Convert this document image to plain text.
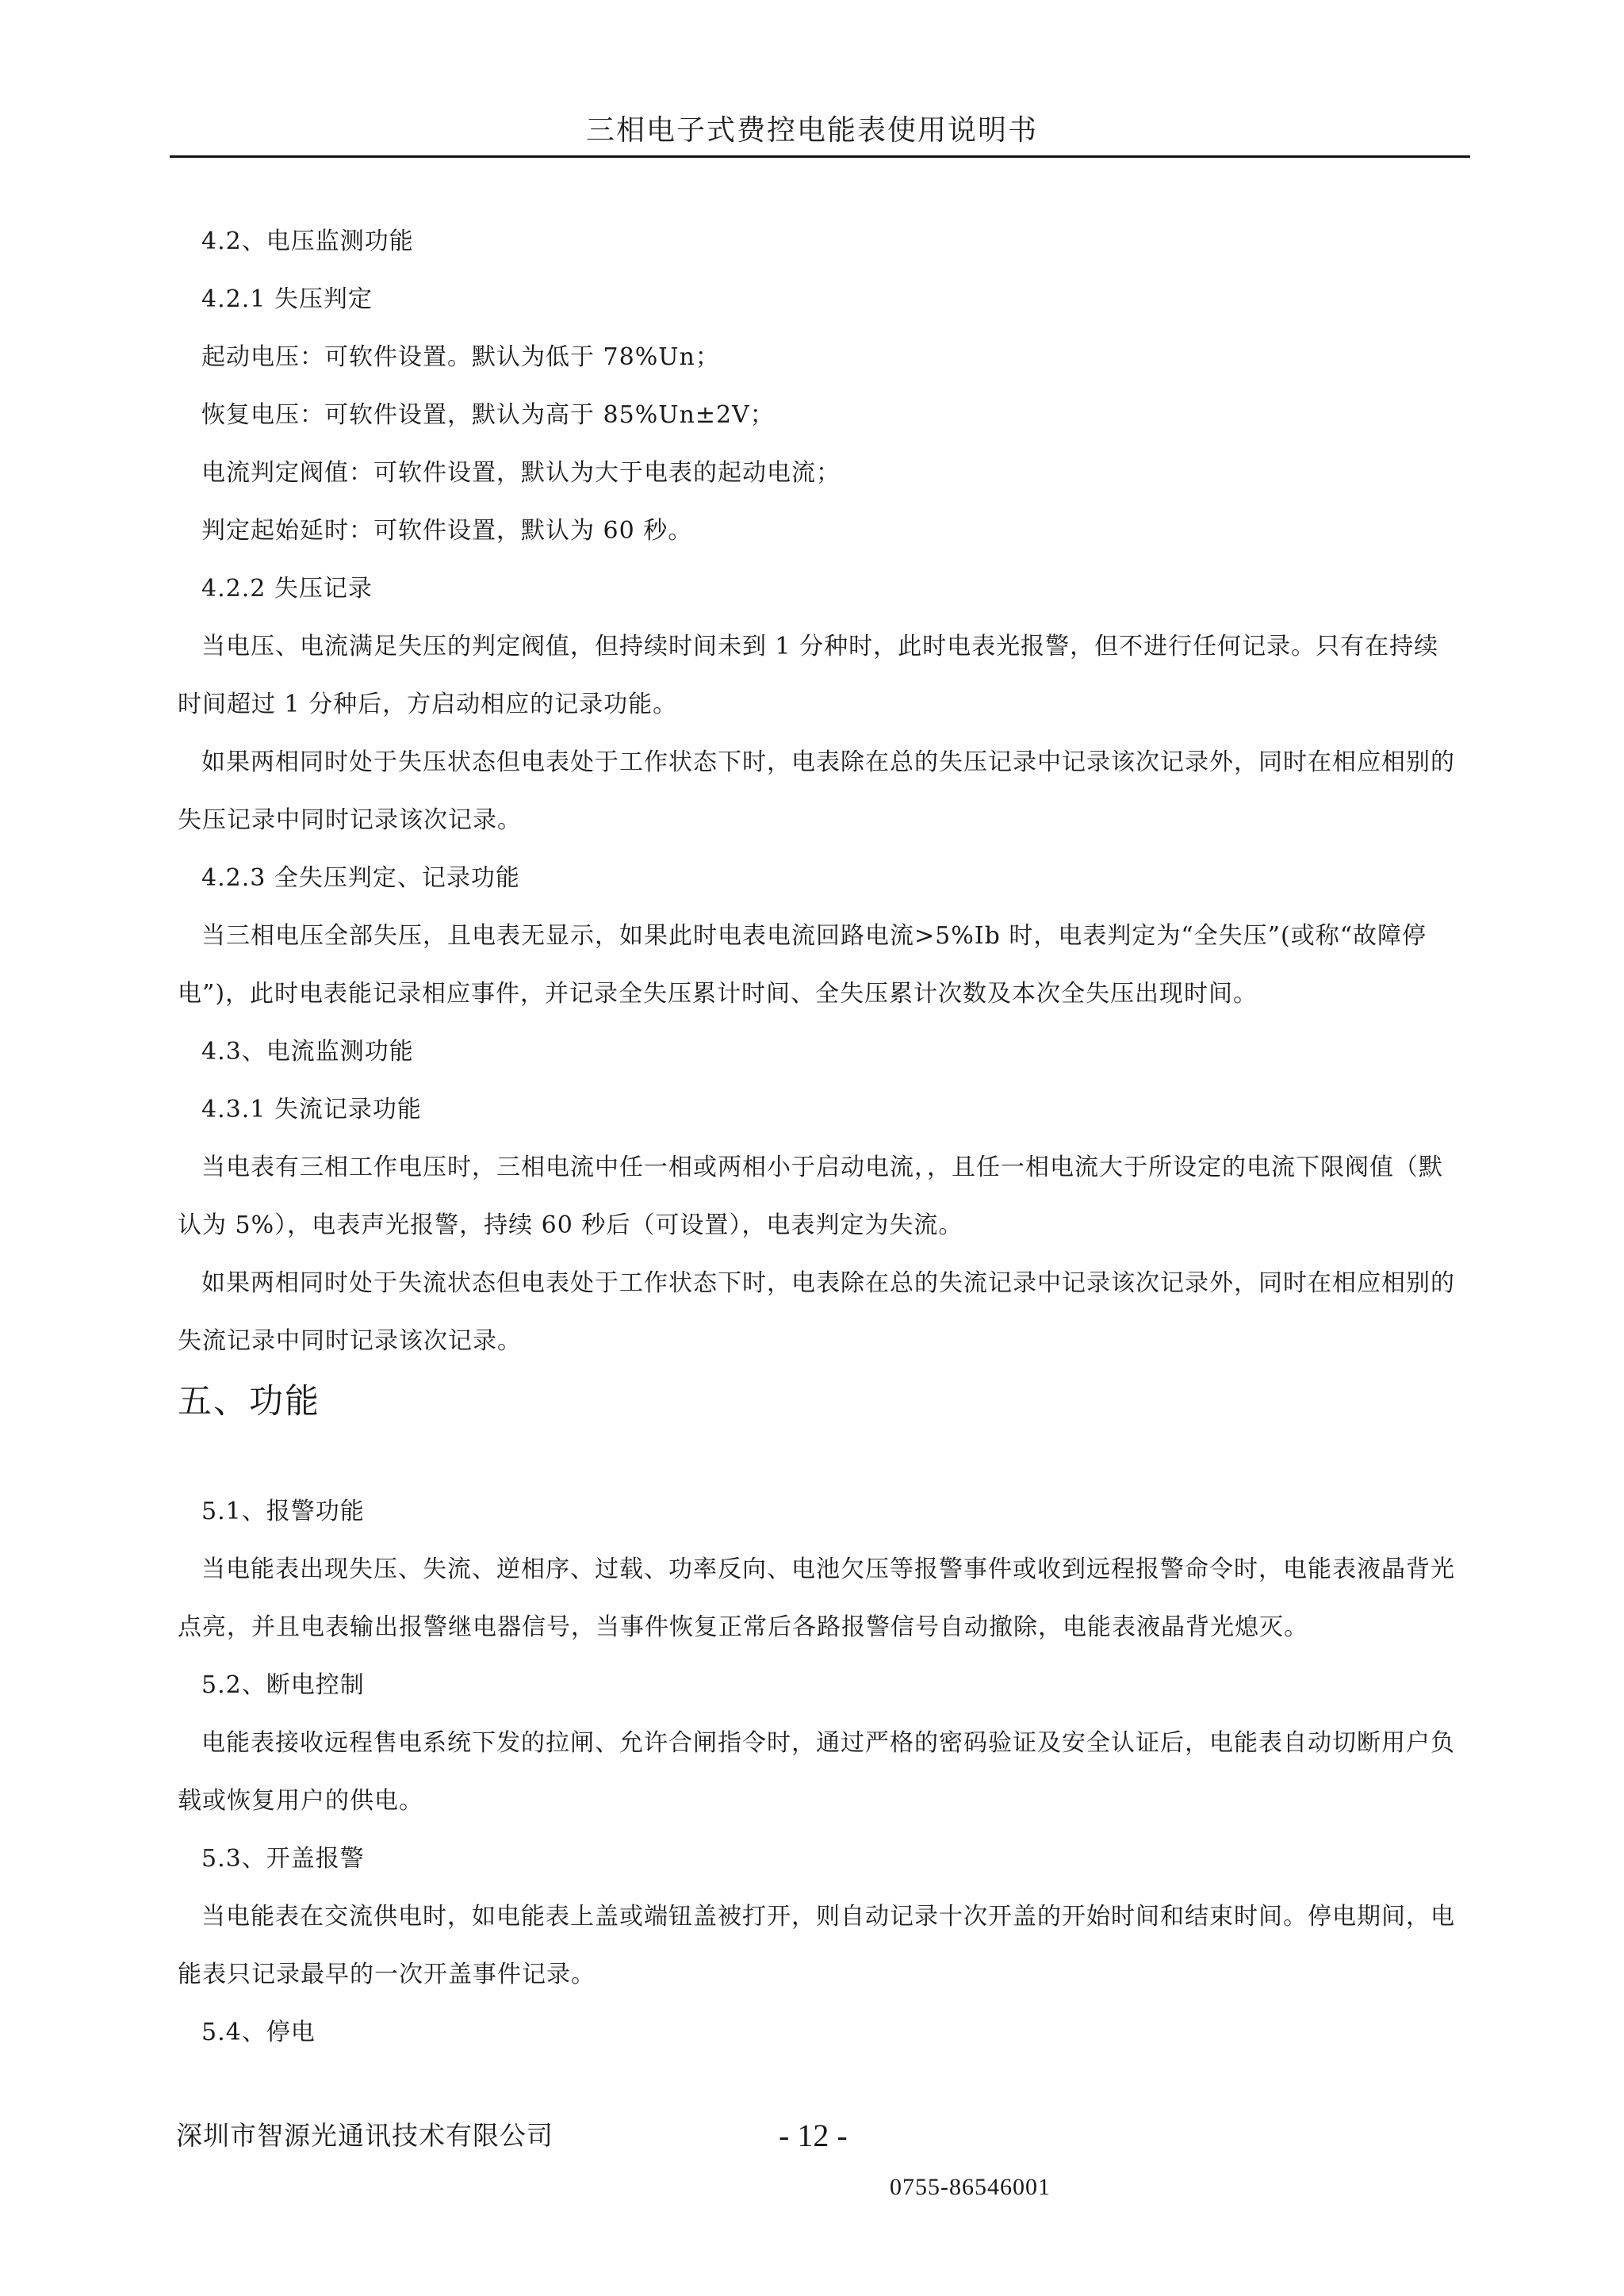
三相电子式费控电能表使用说明书

4.2、电压监测功能

4.2.1 失压判定

起动电压：可软件设置。默认为低于 78%Un；

恢复电压：可软件设置，默认为高于 85%Un±2V；

电流判定阀值：可软件设置，默认为大于电表的起动电流；

判定起始延时：可软件设置，默认为 60 秒。

4.2.2 失压记录

当电压、电流满足失压的判定阀值，但持续时间未到 1 分种时，此时电表光报警，但不进行任何记录。只有在持续时间超过 1 分种后，方启动相应的记录功能。

如果两相同时处于失压状态但电表处于工作状态下时，电表除在总的失压记录中记录该次记录外，同时在相应相别的失压记录中同时记录该次记录。

4.2.3 全失压判定、记录功能

当三相电压全部失压，且电表无显示，如果此时电表电流回路电流>5%Ib 时，电表判定为“全失压”(或称“故障停电”)，此时电表能记录相应事件，并记录全失压累计时间、全失压累计次数及本次全失压出现时间。

4.3、电流监测功能

4.3.1 失流记录功能

当电表有三相工作电压时，三相电流中任一相或两相小于启动电流，，且任一相电流大于所设定的电流下限阀值（默认为 5%），电表声光报警，持续 60 秒后（可设置），电表判定为失流。

如果两相同时处于失流状态但电表处于工作状态下时，电表除在总的失流记录中记录该次记录外，同时在相应相别的失流记录中同时记录该次记录。

五、功能

5.1、报警功能

当电能表出现失压、失流、逆相序、过载、功率反向、电池欠压等报警事件或收到远程报警命令时，电能表液晶背光点亮，并且电表输出报警继电器信号，当事件恢复正常后各路报警信号自动撤除，电能表液晶背光熄灭。

5.2、断电控制

电能表接收远程售电系统下发的拉闸、允许合闸指令时，通过严格的密码验证及安全认证后，电能表自动切断用户负载或恢复用户的供电。

5.3、开盖报警

当电能表在交流供电时，如电能表上盖或端钮盖被打开，则自动记录十次开盖的开始时间和结束时间。停电期间，电能表只记录最早的一次开盖事件记录。

5.4、停电

深圳市智源光通讯技术有限公司	- 12 -
0755-86546001
